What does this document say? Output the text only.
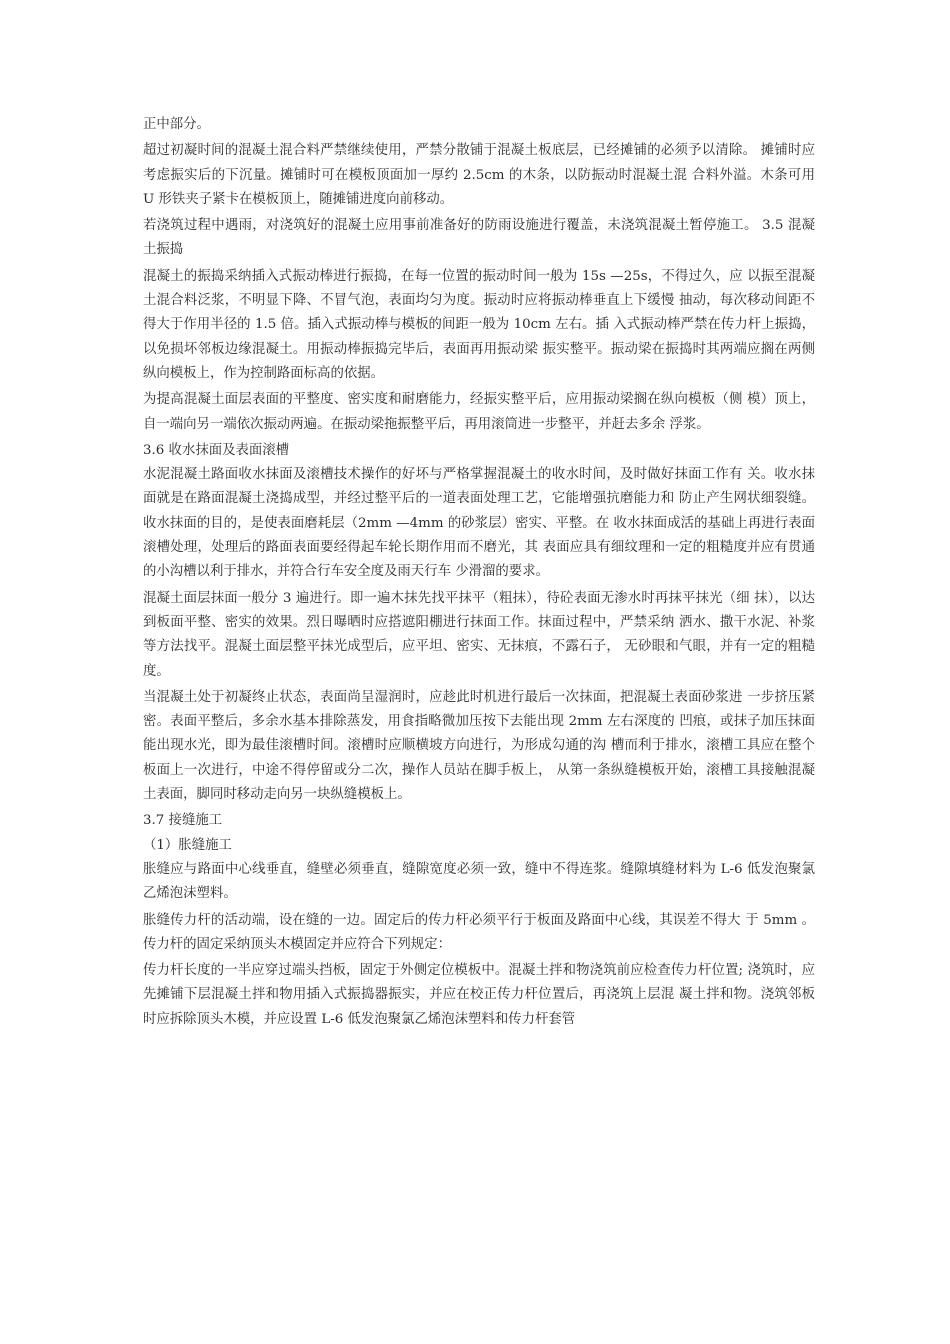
正中部分。

超过初凝时间的混凝土混合料严禁继续使用，严禁分散铺于混凝土板底层，已经摊铺的必须予以清除。 摊铺时应考虑振实后的下沉量。摊铺时可在模板顶面加一厚约 2.5cm 的木条，以防振动时混凝土混 合料外溢。木条可用 U 形铁夹子紧卡在模板顶上，随摊铺进度向前移动。

若浇筑过程中遇雨，对浇筑好的混凝土应用事前准备好的防雨设施进行覆盖，未浇筑混凝土暂停施工。 3.5 混凝土振捣

混凝土的振捣采纳插入式振动棒进行振捣，在每一位置的振动时间一般为 15s —25s，不得过久，应 以振至混凝土混合料泛浆，不明显下降、不冒气泡，表面均匀为度。振动时应将振动棒垂直上下缓慢 抽动，每次移动间距不得大于作用半径的 1.5 倍。插入式振动棒与模板的间距一般为 10cm 左右。插 入式振动棒严禁在传力杆上振捣，以免损坏邻板边缘混凝土。用振动棒振捣完毕后，表面再用振动梁 振实整平。振动梁在振捣时其两端应搁在两侧纵向模板上，作为控制路面标高的依据。

为提高混凝土面层表面的平整度、密实度和耐磨能力，经振实整平后，应用振动梁搁在纵向模板（侧 模）顶上，自一端向另一端依次振动两遍。在振动梁拖振整平后，再用滚筒进一步整平，并赶去多余 浮浆。

3.6 收水抹面及表面滚槽

水泥混凝土路面收水抹面及滚槽技术操作的好坏与严格掌握混凝土的收水时间，及时做好抹面工作有 关。收水抹面就是在路面混凝土浇捣成型，并经过整平后的一道表面处理工艺，它能增强抗磨能力和 防止产生网状细裂缝。收水抹面的目的，是使表面磨耗层（2mm —4mm 的砂浆层）密实、平整。在 收水抹面成活的基础上再进行表面滚槽处理，处理后的路面表面要经得起车轮长期作用而不磨光，其 表面应具有细纹理和一定的粗糙度并应有贯通的小沟槽以利于排水，并符合行车安全度及雨天行车 少滑溜的要求。

混凝土面层抹面一般分 3 遍进行。即一遍木抹先找平抹平（粗抹），待砼表面无渗水时再抹平抹光（细 抹），以达到板面平整、密实的效果。烈日曝晒时应搭遮阳棚进行抹面工作。抹面过程中，严禁采纳 洒水、撒干水泥、补浆等方法找平。混凝土面层整平抹光成型后，应平坦、密实、无抹痕，不露石子， 无砂眼和气眼，并有一定的粗糙度。

当混凝土处于初凝终止状态，表面尚呈湿润时，应趁此时机进行最后一次抹面，把混凝土表面砂浆进 一步挤压紧密。表面平整后，多余水基本排除蒸发，用食指略微加压按下去能出现 2mm 左右深度的 凹痕，或抹子加压抹面能出现水光，即为最佳滚槽时间。滚槽时应顺横坡方向进行，为形成勾通的沟 槽而利于排水，滚槽工具应在整个板面上一次进行，中途不得停留或分二次，操作人员站在脚手板上， 从第一条纵缝模板开始，滚槽工具接触混凝土表面，脚同时移动走向另一块纵缝模板上。

3.7 接缝施工

（1）胀缝施工

胀缝应与路面中心线垂直，缝壁必须垂直，缝隙宽度必须一致，缝中不得连浆。缝隙填缝材料为 L-6 低发泡聚氯乙烯泡沫塑料。

胀缝传力杆的活动端，设在缝的一边。固定后的传力杆必须平行于板面及路面中心线，其误差不得大 于 5mm 。传力杆的固定采纳顶头木模固定并应符合下列规定：

传力杆长度的一半应穿过端头挡板，固定于外侧定位模板中。混凝土拌和物浇筑前应检查传力杆位置; 浇筑时，应先摊铺下层混凝土拌和物用插入式振捣器振实，并应在校正传力杆位置后，再浇筑上层混 凝土拌和物。浇筑邻板时应拆除顶头木模，并应设置 L-6 低发泡聚氯乙烯泡沫塑料和传力杆套管
